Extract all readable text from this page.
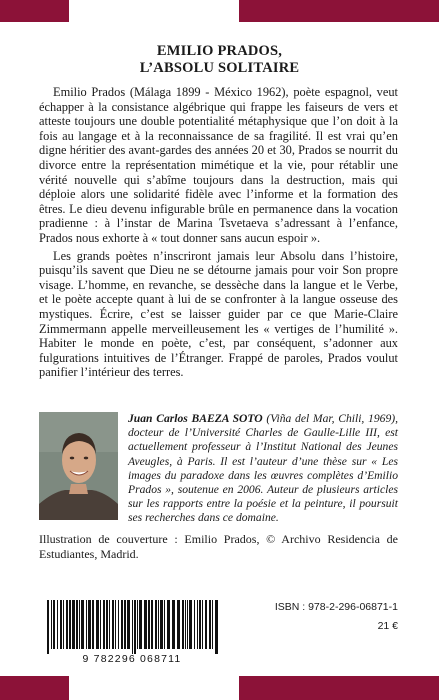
EMILIO PRADOS,
L’ABSOLU SOLITAIRE

Emilio Prados (Málaga 1899 - México 1962), poète espagnol, veut échapper à la consistance algébrique qui frappe les faiseurs de vers et atteste toujours une double potentialité métaphysique que l’on doit à la fois au langage et à la reconnaissance de sa fragilité. Il est vrai qu’en digne héritier des avant-gardes des années 20 et 30, Prados se nourrit du divorce entre la représentation mimétique et la vie, pour rétablir une vérité nouvelle qui s’abîme toujours dans la destruction, mais qui déploie alors une solidarité fidèle avec l’informe et la formation des êtres. Le dieu devenu infigurable brûle en permanence dans la vocation pradienne : à l’instar de Marina Tsvetaeva s’adressant à l’enfance, Prados nous exhorte à « tout donner sans aucun espoir ».

Les grands poètes n’inscriront jamais leur Absolu dans l’histoire, puisqu’ils savent que Dieu ne se détourne jamais pour voir Son propre visage. L’homme, en revanche, se dessèche dans la langue et le Verbe, et le poète accepte quant à lui de se confronter à la langue osseuse des mystiques. Écrire, c’est se laisser guider par ce que Marie-Claire Zimmermann appelle merveilleusement les « vertiges de l’humilité ». Habiter le monde en poète, c’est, par conséquent, s’adonner aux fulgurations intuitives de l’Étranger. Frappé de paroles, Prados voulut panifier l’intérieur des terres.

Juan Carlos BAEZA SOTO (Viña del Mar, Chili, 1969), docteur de l’Université Charles de Gaulle-Lille III, est actuellement professeur à l’Institut National des Jeunes Aveugles, à Paris. Il est l’auteur d’une thèse sur « Les images du paradoxe dans les œuvres complètes d’Emilio Prados », soutenue en 2006. Auteur de plusieurs articles sur les rapports entre la poésie et la peinture, il poursuit ses recherches dans ce domaine.
Illustration de couverture : Emilio Prados, © Archivo Residencia de Estudiantes, Madrid.
9 782296 068711
ISBN : 978-2-296-06871-1
21 €
